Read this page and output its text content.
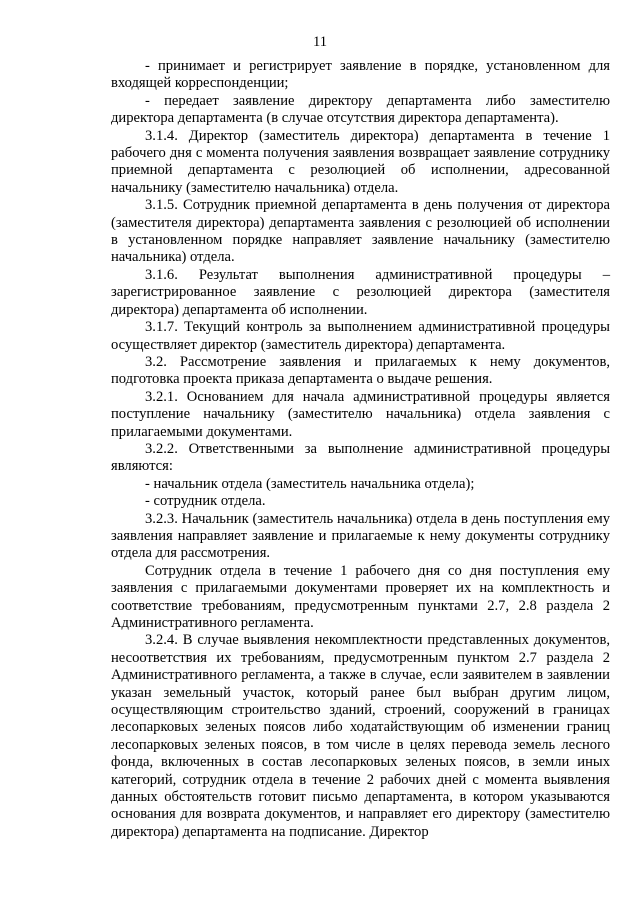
11

- принимает и регистрирует заявление в порядке, установленном для входящей корреспонденции;

- передает заявление директору департамента либо заместителю директора департамента (в случае отсутствия директора департамента).

3.1.4. Директор (заместитель директора) департамента в течение 1 рабочего дня с момента получения заявления возвращает заявление сотруднику приемной департамента с резолюцией об исполнении, адресованной начальнику (заместителю начальника) отдела.

3.1.5. Сотрудник приемной департамента в день получения от директора (заместителя директора) департамента заявления с резолюцией об исполнении в установленном порядке направляет заявление начальнику (заместителю начальника) отдела.

3.1.6. Результат выполнения административной процедуры – зарегистрированное заявление с резолюцией директора (заместителя директора) департамента об исполнении.

3.1.7. Текущий контроль за выполнением административной процедуры осуществляет директор (заместитель директора) департамента.

3.2. Рассмотрение заявления и прилагаемых к нему документов, подготовка проекта приказа департамента о выдаче решения.

3.2.1. Основанием для начала административной процедуры является поступление начальнику (заместителю начальника) отдела заявления с прилагаемыми документами.

3.2.2. Ответственными за выполнение административной процедуры являются:

- начальник отдела (заместитель начальника отдела);

- сотрудник отдела.

3.2.3. Начальник (заместитель начальника) отдела в день поступления ему заявления направляет заявление и прилагаемые к нему документы сотруднику отдела для рассмотрения.

Сотрудник отдела в течение 1 рабочего дня со дня поступления ему заявления с прилагаемыми документами проверяет их на комплектность и соответствие требованиям, предусмотренным пунктами 2.7, 2.8 раздела 2 Административного регламента.

3.2.4. В случае выявления некомплектности представленных документов, несоответствия их требованиям, предусмотренным пунктом 2.7 раздела 2 Административного регламента, а также в случае, если заявителем в заявлении указан земельный участок, который ранее был выбран другим лицом, осуществляющим строительство зданий, строений, сооружений в границах лесопарковых зеленых поясов либо ходатайствующим об изменении границ лесопарковых зеленых поясов, в том числе в целях перевода земель лесного фонда, включенных в состав лесопарковых зеленых поясов, в земли иных категорий, сотрудник отдела в течение 2 рабочих дней с момента выявления данных обстоятельств готовит письмо департамента, в котором указываются основания для возврата документов, и направляет его директору (заместителю директора) департамента на подписание. Директор
